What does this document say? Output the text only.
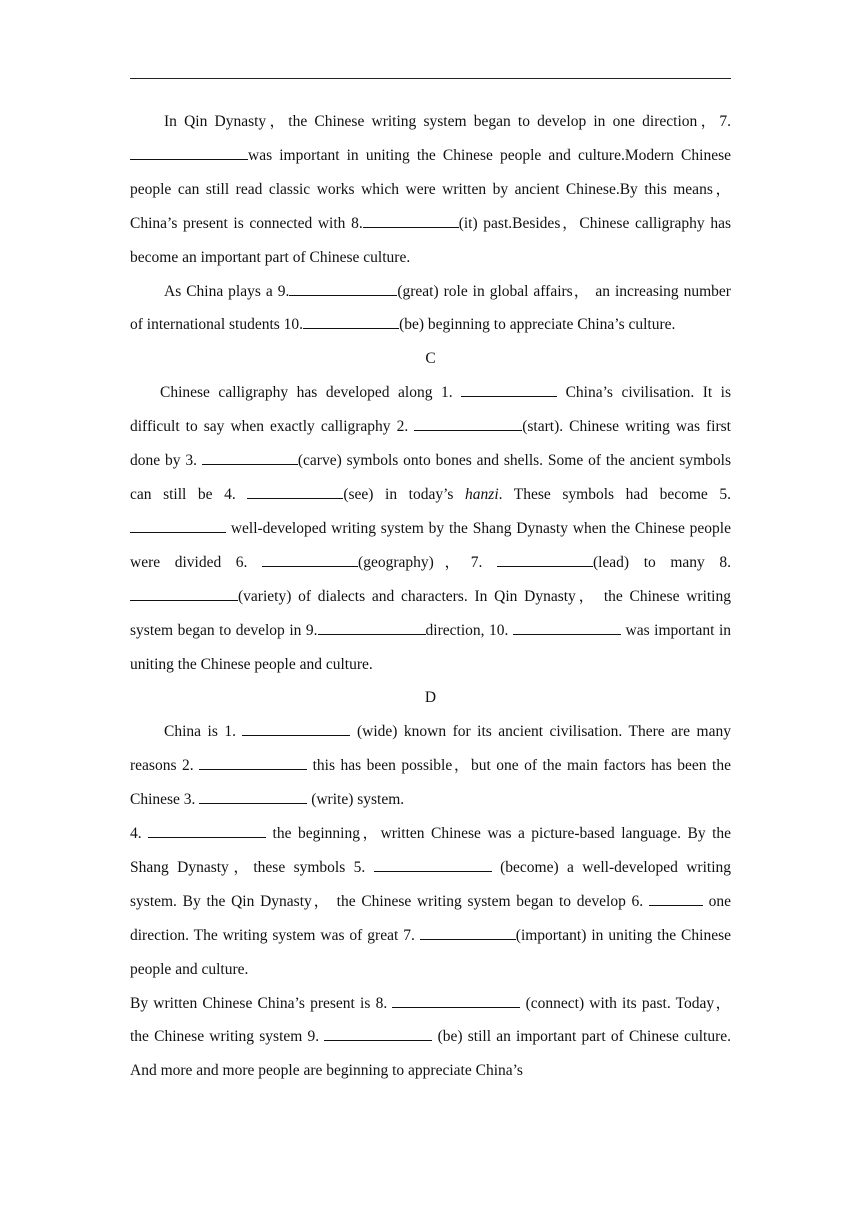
In Qin Dynasty，the Chinese writing system began to develop in one direction，7.was important in uniting the Chinese people and culture.Modern Chinese people can still read classic works which were written by ancient Chinese.By this means，China’s present is connected with 8.	(it) past.Besides，Chinese calligraphy has become an important part of Chinese culture.

As China plays a 9.	(great) role in global affairs， an increasing number of international students 10.	(be) beginning to appreciate China’s culture.

C

Chinese calligraphy has developed along 1.	China’s civilisation. It is difficult to say when exactly calligraphy 2.	(start). Chinese writing was first done by 3.	(carve) symbols onto bones and shells. Some of the ancient symbols can still be 4.	(see) in today’s hanzi. These symbols had become 5.  well-developed writing system by the Shang Dynasty when the Chinese people were divided 6.	(geography)，7.	(lead) to many 8. (variety) of dialects and characters. In Qin Dynasty， the Chinese writing system began to develop in 9.	direction, 10.	was important in uniting the Chinese people and culture.

D

China is 1.	(wide) known for its ancient civilisation. There are many reasons 2.	this has been possible，but one of the main factors has been the Chinese 3.	(write) system.

4.	the beginning，written Chinese was a picture-based language. By the Shang Dynasty，these symbols 5.	(become) a well-developed writing system. By the Qin Dynasty， the Chinese writing system began to develop 6.	one direction. The writing system was of great 7.	(important) in uniting the Chinese people and culture.

By written Chinese China’s present is 8.	(connect) with its past. Today，the Chinese writing system 9.	(be) still an important part of Chinese culture. And more and more people are beginning to appreciate China’s
